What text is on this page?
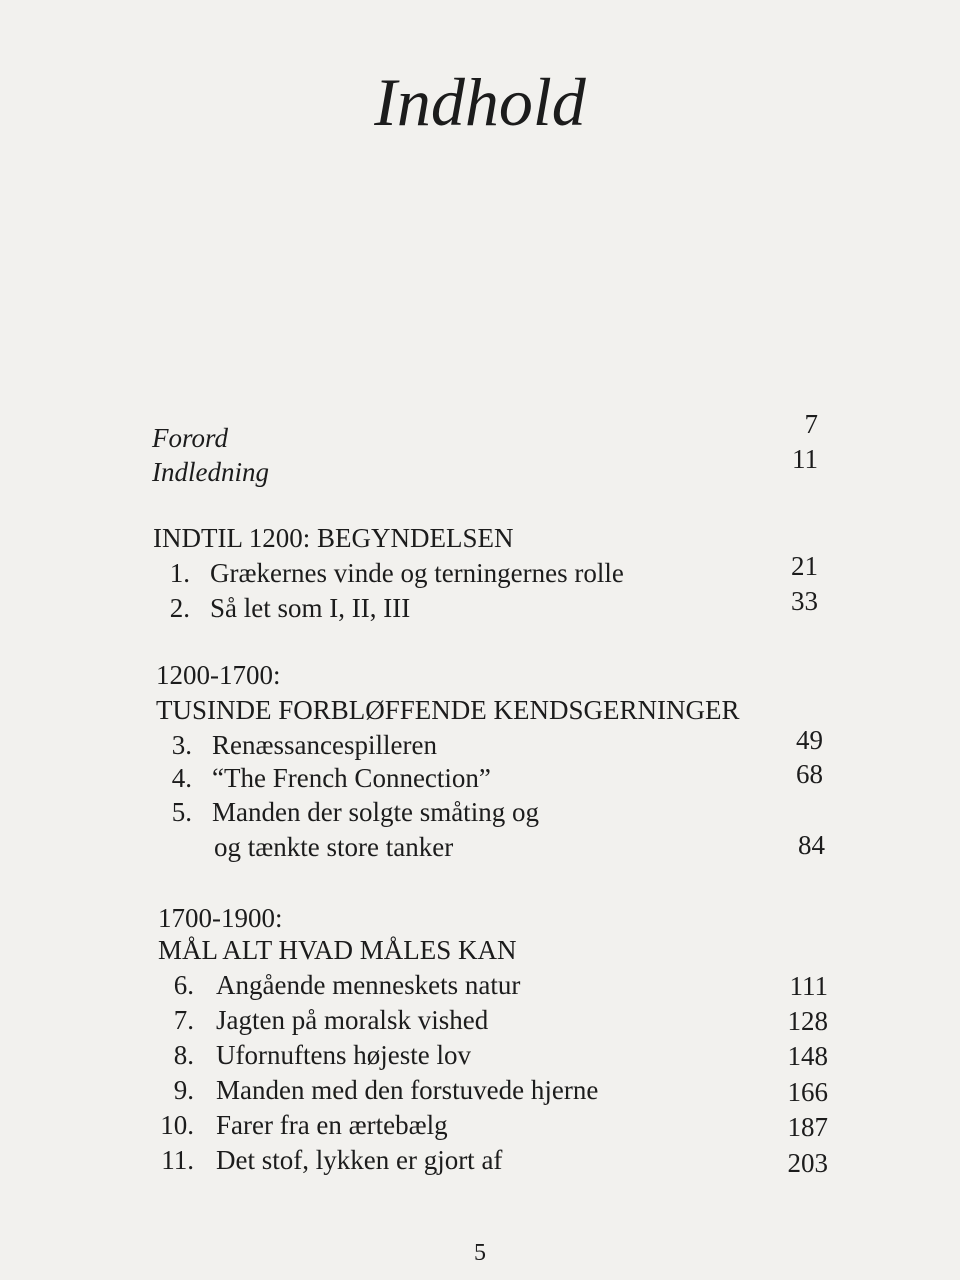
Indhold
Forord	7
Indledning	11
INDTIL 1200: BEGYNDELSEN
1. Grækernes vinde og terningernes rolle	21
2. Så let som I, II, III	33
1200-1700:
TUSINDE FORBLØFFENDE KENDSGERNINGER
3. Renæssancespilleren	49
4. “The French Connection”	68
5. Manden der solgte småting og
og tænkte store tanker	84
1700-1900:
MÅL ALT HVAD MÅLES KAN
6. Angående menneskets natur	111
7. Jagten på moralsk vished	128
8. Ufornuftens højeste lov	148
9. Manden med den forstuvede hjerne	166
10. Farer fra en ærtebælg	187
11. Det stof, lykken er gjort af	203
5
